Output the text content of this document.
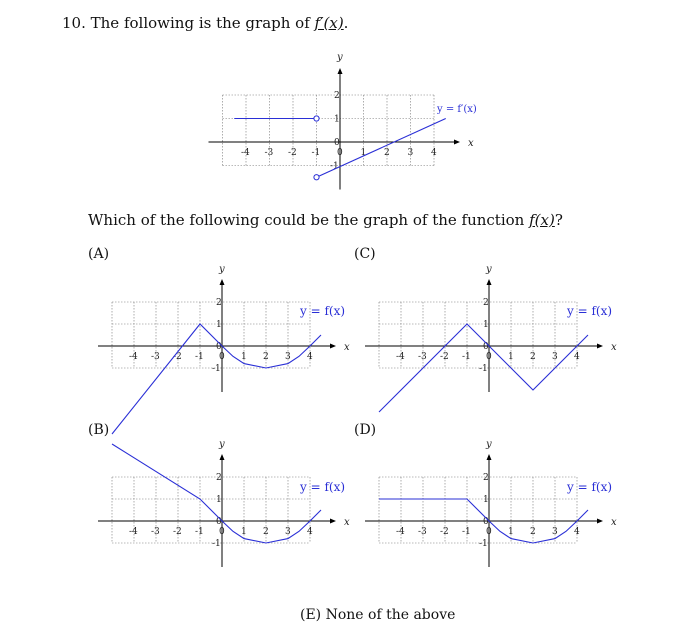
10. The following is the graph of f′(x).
Which of the following could be the graph of the function f(x)?
(A)	(C)
(B)	(D)
(E) None of the above
x
y
-4 -3 -2 -1 0 1 2 3 4
2
1
0
-1
y = f′(x)
x
y
-4 -3 -2 -1 0 1 2 3 4
2
1
0
-1
y = f(x)
x
y
-4 -3 -2 -1 0 1 2 3 4
2
1
0
-1
y = f(x)
x
y
-4 -3 -2 -1 0 1 2 3 4
2
1
0
-1
y = f(x)
x
y
-4 -3 -2 -1 0 1 2 3 4
2
1
0
-1
y = f(x)
